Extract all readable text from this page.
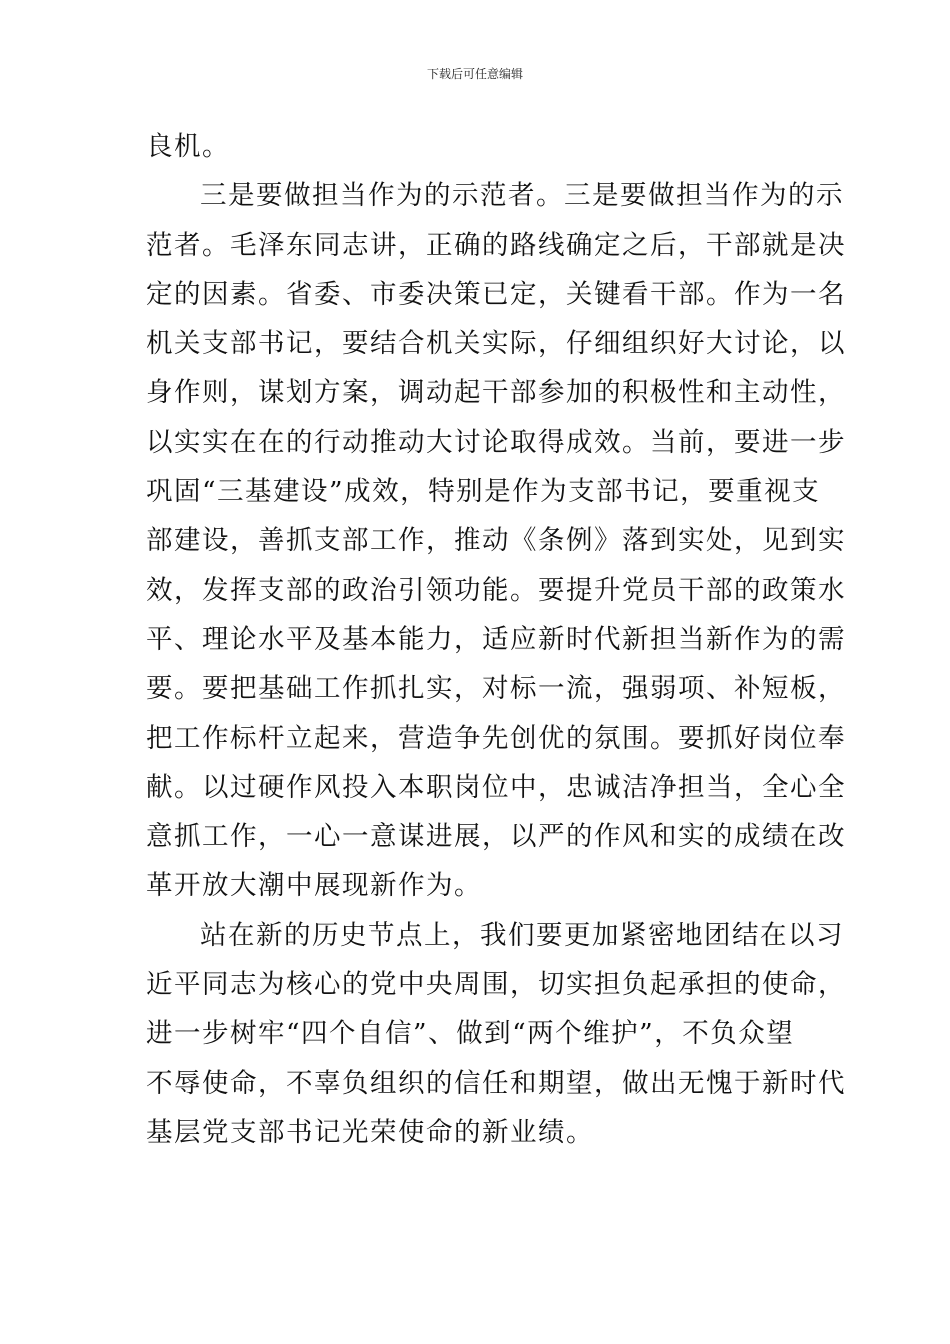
下载后可任意编辑
良机。
三是要做担当作为的示范者。三是要做担当作为的示
范者。毛泽东同志讲，正确的路线确定之后，干部就是决
定的因素。省委、市委决策已定，关键看干部。作为一名
机关支部书记，要结合机关实际，仔细组织好大讨论，以
身作则，谋划方案，调动起干部参加的积极性和主动性，
以实实在在的行动推动大讨论取得成效。当前，要进一步
巩固“三基建设”成效，特别是作为支部书记，要重视支
部建设，善抓支部工作，推动《条例》落到实处，见到实
效，发挥支部的政治引领功能。要提升党员干部的政策水
平、理论水平及基本能力，适应新时代新担当新作为的需
要。要把基础工作抓扎实，对标一流，强弱项、补短板，
把工作标杆立起来，营造争先创优的氛围。要抓好岗位奉
献。以过硬作风投入本职岗位中，忠诚洁净担当，全心全
意抓工作，一心一意谋进展，以严的作风和实的成绩在改
革开放大潮中展现新作为。
站在新的历史节点上，我们要更加紧密地团结在以习
近平同志为核心的党中央周围，切实担负起承担的使命，
进一步树牢“四个自信”、做到“两个维护”，不负众望
不辱使命，不辜负组织的信任和期望，做出无愧于新时代
基层党支部书记光荣使命的新业绩。
